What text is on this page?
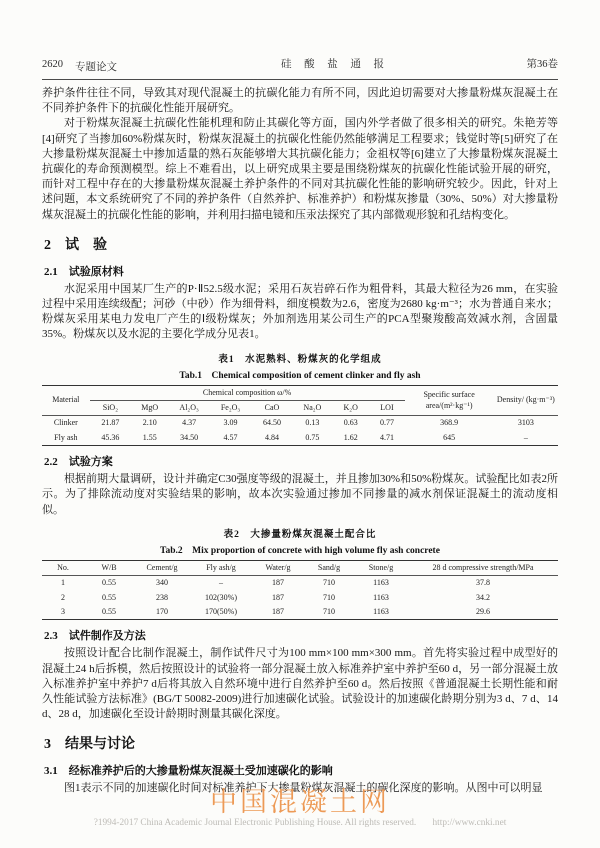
2620 专题论文	硅 酸 盐 通 报	第36卷

养护条件往往不同，导致其对现代混凝土的抗碳化能力有所不同，因此迫切需要对大掺量粉煤灰混凝土在不同养护条件下的抗碳化性能开展研究。

对于粉煤灰混凝土抗碳化性能机理和防止其碳化等方面，国内外学者做了很多相关的研究。朱艳芳等[4]研究了当掺加60%粉煤灰时，粉煤灰混凝土的抗碳化性能仍然能够满足工程要求；钱觉时等[5]研究了在大掺量粉煤灰混凝土中掺加适量的熟石灰能够增大其抗碳化能力；金祖权等[6]建立了大掺量粉煤灰混凝土抗碳化的寿命预测模型。综上不难看出，以上研究成果主要是围绕粉煤灰的抗碳化性能试验开展的研究，而针对工程中存在的大掺量粉煤灰混凝土养护条件的不同对其抗碳化性能的影响研究较少。因此，针对上述问题，本文系统研究了不同的养护条件（自然养护、标准养护）和粉煤灰掺量（30%、50%）对大掺量粉煤灰混凝土的抗碳化性能的影响，并利用扫描电镜和压汞法探究了其内部微观形貌和孔结构变化。

2　试　验
2.1　试验原材料

水泥采用中国某厂生产的P·Ⅱ52.5级水泥；采用石灰岩碎石作为粗骨料，其最大粒径为26 mm，在实验过程中采用连续级配；河砂（中砂）作为细骨料，细度模数为2.6，密度为2680 kg·m⁻³；水为普通自来水；粉煤灰采用某电力发电厂产生的Ⅰ级粉煤灰；外加剂选用某公司生产的PCA型聚羧酸高效减水剂，含固量35%。粉煤灰以及水泥的主要化学成分见表1。

表1　水泥熟料、粉煤灰的化学组成
Tab.1　Chemical composition of cement clinker and fly ash
Material	Chemical composition ω/%								Specific surface area/(m²·kg⁻¹)	Density/ (kg·m⁻³)
	SiO₂	MgO	Al₂O₃	Fe₂O₃	CaO	Na₂O	K₂O	LOI		
Clinker	21.87	2.10	4.37	3.09	64.50	0.13	0.63	0.77	368.9	3103
Fly ash	45.36	1.55	34.50	4.57	4.84	0.75	1.62	4.71	645	–
2.2　试验方案

根据前期大量调研，设计并确定C30强度等级的混凝土，并且掺加30%和50%粉煤灰。试验配比如表2所示。为了排除流动度对实验结果的影响，故本次实验通过掺加不同掺量的减水剂保证混凝土的流动度相似。

表2　大掺量粉煤灰混凝土配合比
Tab.2　Mix proportion of concrete with high volume fly ash concrete
No.	W/B	Cement/g	Fly ash/g	Water/g	Sand/g	Stone/g	28 d compressive strength/MPa
1	0.55	340	–	187	710	1163	37.8
2	0.55	238	102(30%)	187	710	1163	34.2
3	0.55	170	170(50%)	187	710	1163	29.6
2.3　试件制作及方法

按照设计配合比制作混凝土，制作试件尺寸为100 mm×100 mm×300 mm。首先将实验过程中成型好的混凝土24 h后拆模，然后按照设计的试验将一部分混凝土放入标准养护室中养护至60 d，另一部分混凝土放入标准养护室中养护7 d后将其放入自然环境中进行自然养护至60 d。然后按照《普通混凝土长期性能和耐久性能试验方法标准》(BG/T 50082-2009)进行加速碳化试验。试验设计的加速碳化龄期分别为3 d、7 d、14 d、28 d，加速碳化至设计龄期时测量其碳化深度。

3　结果与讨论
3.1　经标准养护后的大掺量粉煤灰混凝土受加速碳化的影响

图1表示不同的加速碳化时间对标准养护下大掺量粉煤灰混凝土的碳化深度的影响。从图中可以明显

中国混凝土网
?1994-2017 China Academic Journal Electronic Publishing House. All rights reserved. http://www.cnki.net
